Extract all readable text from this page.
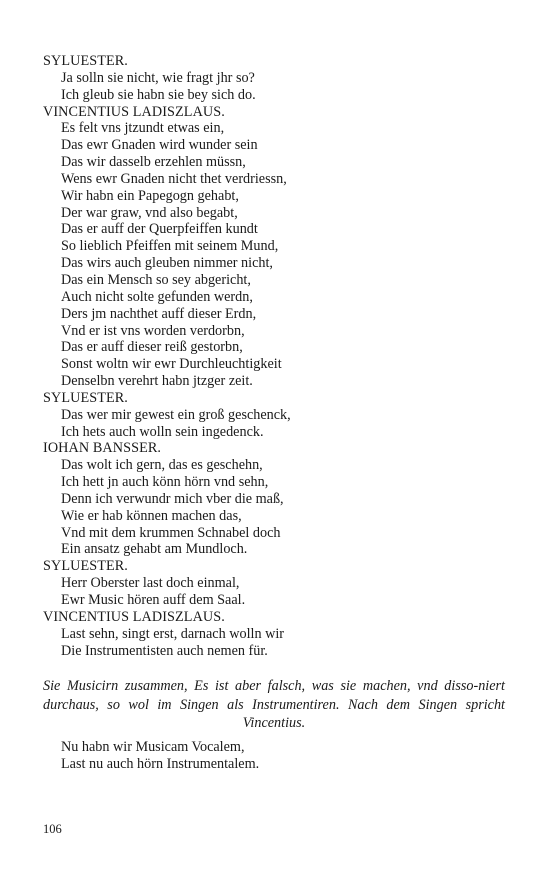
SYLUESTER.
Ja solln sie nicht, wie fragt jhr so?
Ich gleub sie habn sie bey sich do.
VINCENTIUS LADISZLAUS.
Es felt vns jtzundt etwas ein,
Das ewr Gnaden wird wunder sein
Das wir dasselb erzehlen müssn,
Wens ewr Gnaden nicht thet verdriessn,
Wir habn ein Papegogn gehabt,
Der war graw, vnd also begabt,
Das er auff der Querpfeiffen kundt
So lieblich Pfeiffen mit seinem Mund,
Das wirs auch gleuben nimmer nicht,
Das ein Mensch so sey abgericht,
Auch nicht solte gefunden werdn,
Ders jm nachthet auff dieser Erdn,
Vnd er ist vns worden verdorbn,
Das er auff dieser reiß gestorbn,
Sonst woltn wir ewr Durchleuchtigkeit
Denselbn verehrt habn jtzger zeit.
SYLUESTER.
Das wer mir gewest ein groß geschenck,
Ich hets auch wolln sein ingedenck.
IOHAN BANSSER.
Das wolt ich gern, das es geschehn,
Ich hett jn auch könn hörn vnd sehn,
Denn ich verwundr mich vber die maß,
Wie er hab können machen das,
Vnd mit dem krummen Schnabel doch
Ein ansatz gehabt am Mundloch.
SYLUESTER.
Herr Oberster last doch einmal,
Ewr Music hören auff dem Saal.
VINCENTIUS LADISZLAUS.
Last sehn, singt erst, darnach wolln wir
Die Instrumentisten auch nemen für.
Sie Musicirn zusammen, Es ist aber falsch, was sie machen, vnd disso-niert durchaus, so wol im Singen als Instrumentiren. Nach dem Singen spricht Vincentius.
Nu habn wir Musicam Vocalem,
Last nu auch hörn Instrumentalem.
106
